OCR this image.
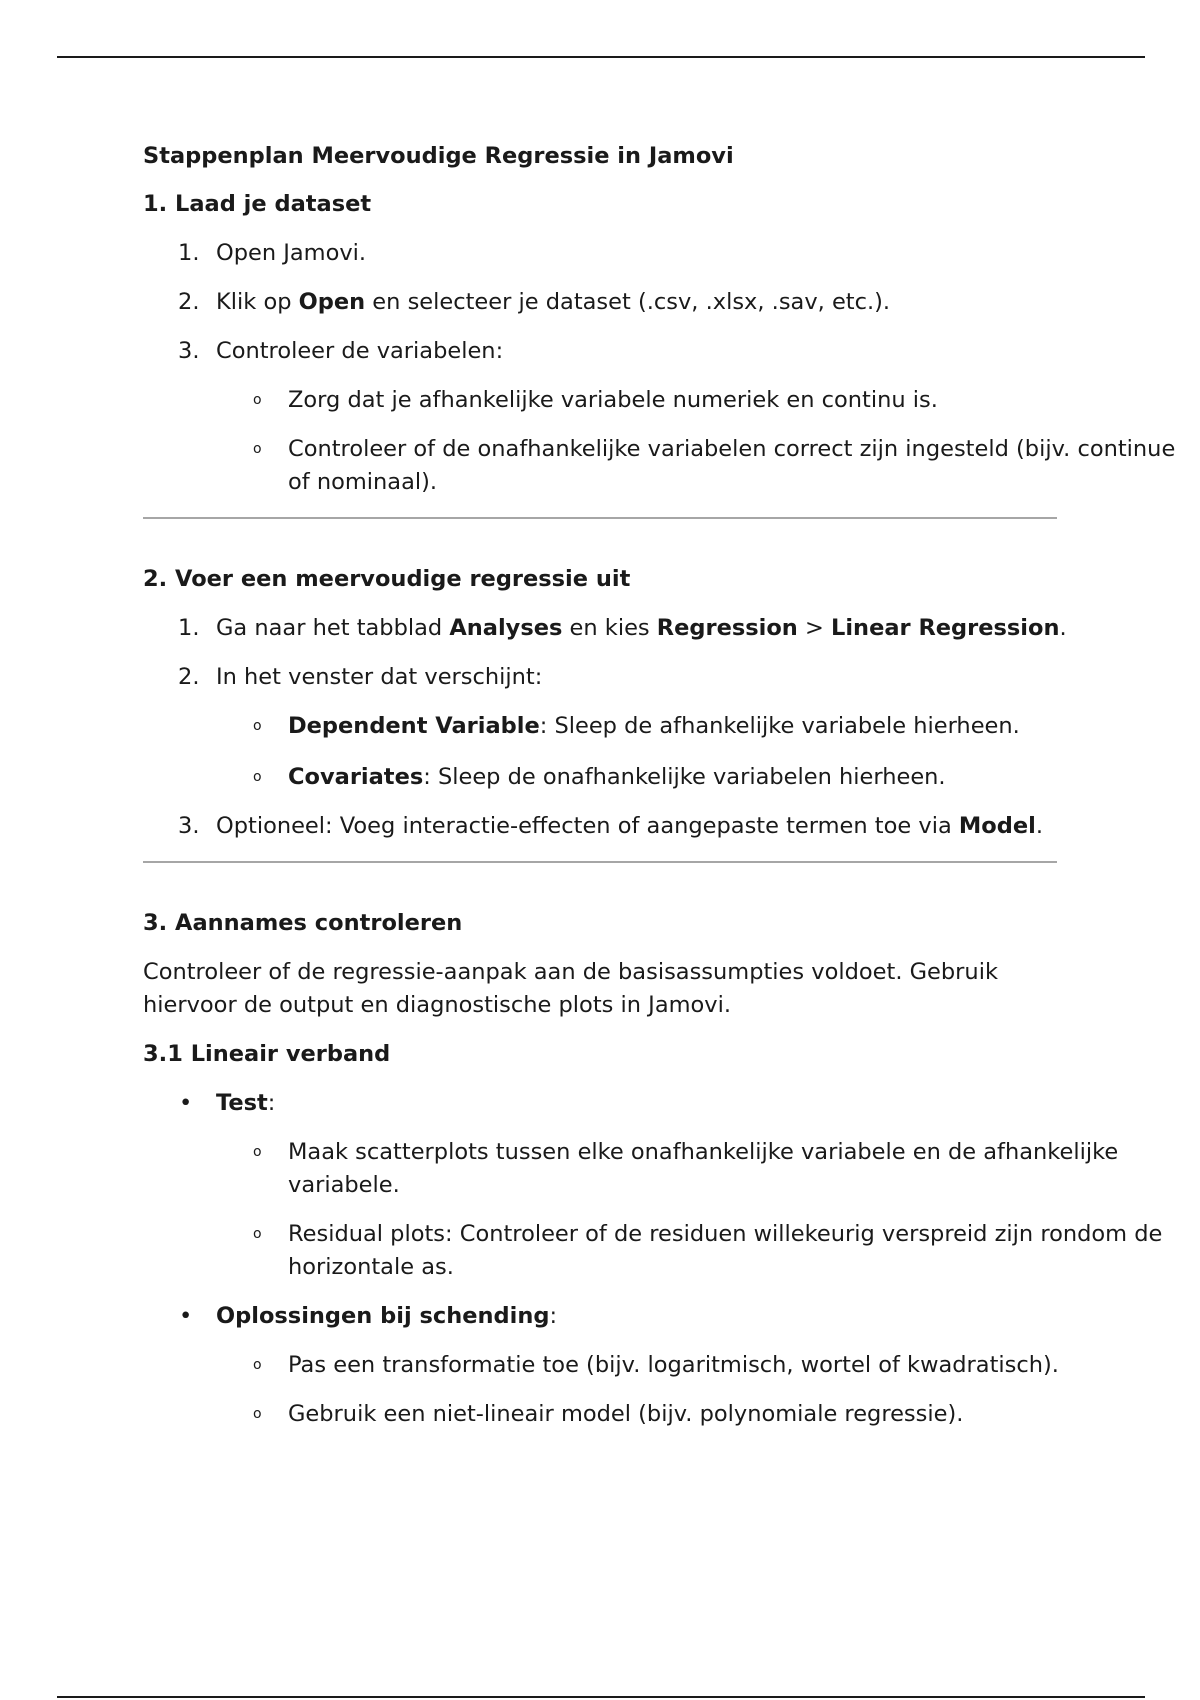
Stappenplan Meervoudige Regressie in Jamovi
1. Laad je dataset
1. Open Jamovi.
2. Klik op Open en selecteer je dataset (.csv, .xlsx, .sav, etc.).
3. Controleer de variabelen:
o Zorg dat je afhankelijke variabele numeriek en continu is.
o Controleer of de onafhankelijke variabelen correct zijn ingesteld (bijv. continue of nominaal).
2. Voer een meervoudige regressie uit
1. Ga naar het tabblad Analyses en kies Regression > Linear Regression.
2. In het venster dat verschijnt:
o Dependent Variable: Sleep de afhankelijke variabele hierheen.
o Covariates: Sleep de onafhankelijke variabelen hierheen.
3. Optioneel: Voeg interactie-effecten of aangepaste termen toe via Model.
3. Aannames controleren
Controleer of de regressie-aanpak aan de basisassumpties voldoet. Gebruik hiervoor de output en diagnostische plots in Jamovi.
3.1 Lineair verband
• Test:
o Maak scatterplots tussen elke onafhankelijke variabele en de afhankelijke variabele.
o Residual plots: Controleer of de residuen willekeurig verspreid zijn rondom de horizontale as.
• Oplossingen bij schending:
o Pas een transformatie toe (bijv. logaritmisch, wortel of kwadratisch).
o Gebruik een niet-lineair model (bijv. polynomiale regressie).
